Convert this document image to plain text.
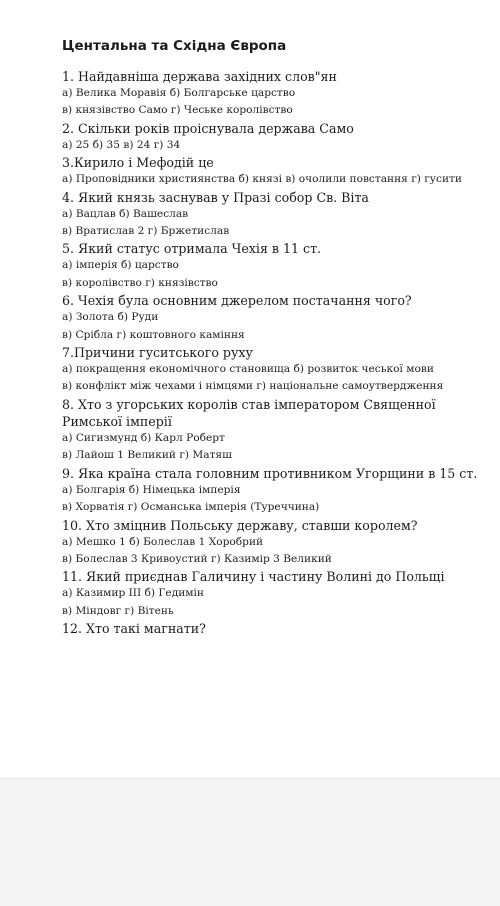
Центальна та Східна Європа
1. Найдавніша держава західних слов"ян
а) Велика Моравія б) Болгарське царство
в) князівство Само г) Чеське королівство
2. Скільки років проіснувала держава Само
а) 25 б) 35 в) 24 г) 34
3.Кирило і Мефодій це
а) Проповідники християнства б) князі в) очолили повстання г) гусити
4. Який князь заснував у Празі собор Св. Віта
а) Вацлав б) Вашеслав
в) Вратислав 2 г) Бржетислав
5. Який статус отримала Чехія в 11 ст.
а) імперія б) царство
в) королівство г) князівство
6. Чехія була основним джерелом постачання чого?
а) Золота б) Руди
в) Срібла г) коштовного каміння
7.Причини гуситського руху
а) покращення економічного становища б) розвиток чеської мови
в) конфлікт між чехами і німцями г) національне самоутвердження
8. Хто з угорських королів став імператором Священної Римської імперії
а) Сигизмунд б) Карл Роберт
в) Лайош 1 Великий г) Матяш
9. Яка країна стала головним противником Угорщини в 15 ст.
а) Болгарія б) Німецька імперія
в) Хорватія г) Османська імперія (Туреччина)
10. Хто зміцнив Польську державу, ставши королем?
а) Мешко 1 б) Болеслав 1 Хоробрий
в) Болеслав 3 Кривоустий г) Казимір 3 Великий
11. Який приєднав Галичину і частину Волині до Польщі
а) Казимир ІІІ б) Гедимін
в) Міндовг г) Вітень
12. Хто такі магнати?
